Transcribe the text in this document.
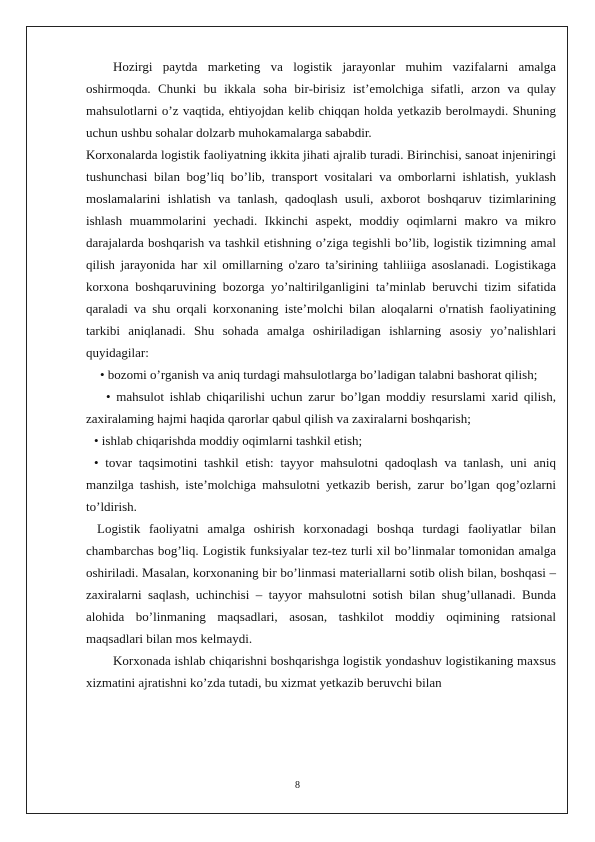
Hozirgi paytda marketing va logistik jarayonlar muhim vazifalarni amalga oshirmoqda. Chunki bu ikkala soha bir-birisiz ist’emolchiga sifatli, arzon va qulay mahsulotlarni o’z vaqtida, ehtiyojdan kelib chiqqan holda yetkazib berolmaydi. Shuning uchun ushbu sohalar dolzarb muhokamalarga sababdir.

Korxonalarda logistik faoliyatning ikkita jihati ajralib turadi. Birinchisi, sanoat injeniringi tushunchasi bilan bog’liq bo’lib, transport vositalari va omborlarni ishlatish, yuklash moslamalarini ishlatish va tanlash, qadoqlash usuli, axborot boshqaruv tizimlarining ishlash muammolarini yechadi. Ikkinchi aspekt, moddiy oqimlarni makro va mikro darajalarda boshqarish va tashkil etishning o’ziga tegishli bo’lib, logistik tizimning amal qilish jarayonida har xil omillarning o'zaro ta’sirining tahliiiga asoslanadi. Logistikaga korxona boshqaruvining bozorga yo’naltirilganligini ta’minlab beruvchi tizim sifatida qaraladi va shu orqali korxonaning iste’molchi bilan aloqalarni o'rnatish faoliyatining tarkibi aniqlanadi. Shu sohada amalga oshiriladigan ishlarning asosiy yo’nalishlari quyidagilar:

• bozomi o’rganish va aniq turdagi mahsulotlarga bo’ladigan talabni bashorat qilish;

• mahsulot ishlab chiqarilishi uchun zarur bo’lgan moddiy resurslami xarid qilish, zaxiralaming hajmi haqida qarorlar qabul qilish va zaxiralarni boshqarish;

• ishlab chiqarishda moddiy oqimlarni tashkil etish;

• tovar taqsimotini tashkil etish: tayyor mahsulotni qadoqlash va tanlash, uni aniq manzilga tashish, iste’molchiga mahsulotni yetkazib berish, zarur bo’lgan qog’ozlarni to’ldirish.

Logistik faoliyatni amalga oshirish korxonadagi boshqa turdagi faoliyatlar bilan chambarchas bog’liq. Logistik funksiyalar tez-tez turli xil bo’linmalar tomonidan amalga oshiriladi. Masalan, korxonaning bir bo’linmasi materiallarni sotib olish bilan, boshqasi – zaxiralarni saqlash, uchinchisi – tayyor mahsulotni sotish bilan shug’ullanadi. Bunda alohida bo’linmaning maqsadlari, asosan, tashkilot moddiy oqimining ratsional maqsadlari bilan mos kelmaydi.

Korxonada ishlab chiqarishni boshqarishga logistik yondashuv logistikaning maxsus xizmatini ajratishni ko’zda tutadi, bu xizmat yetkazib beruvchi bilan

8
